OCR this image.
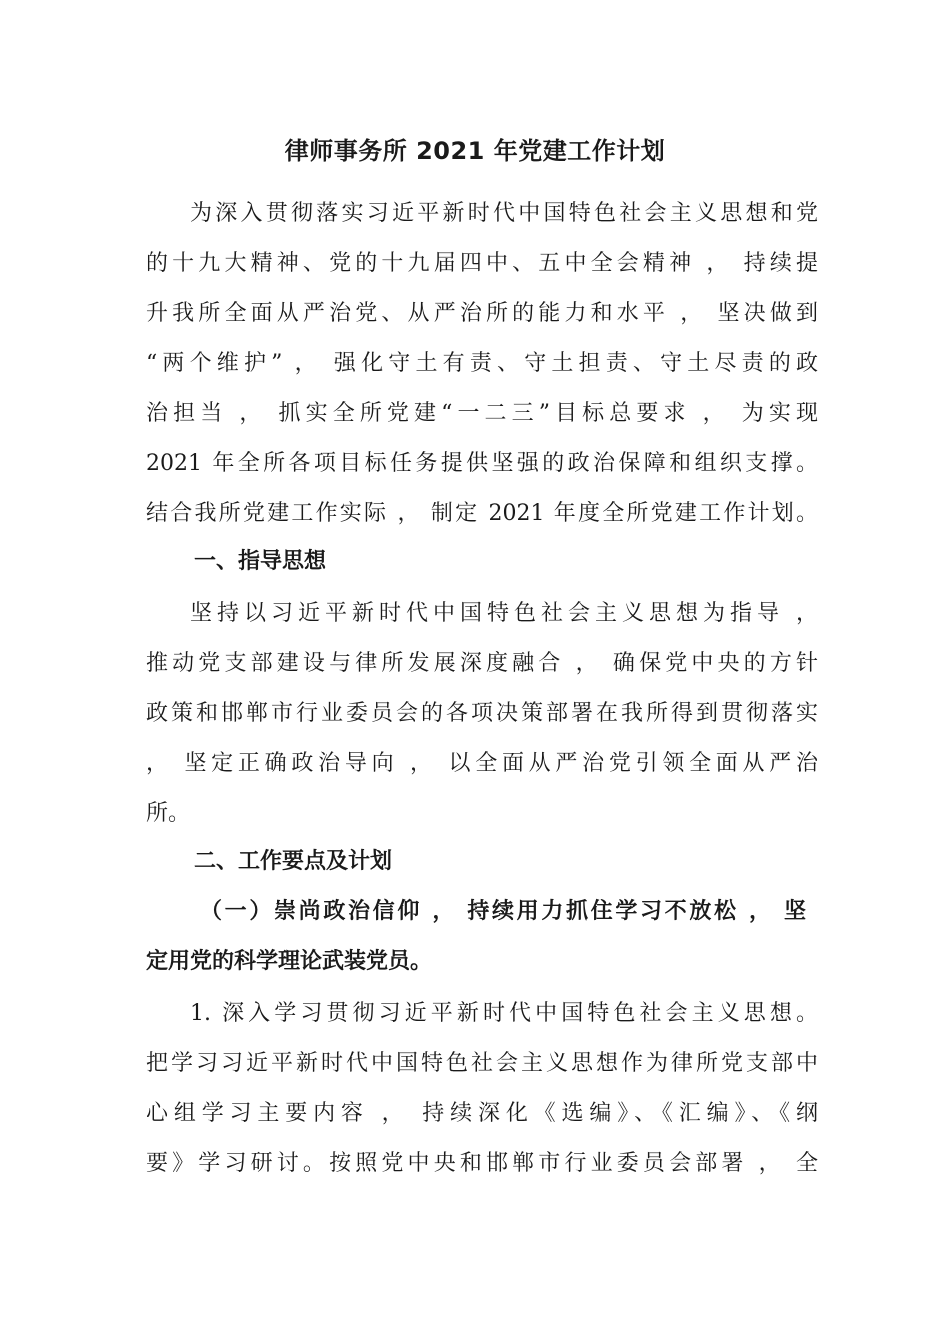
律师事务所 2021 年党建工作计划
为深入贯彻落实习近平新时代中国特色社会主义思想和党
的十九大精神、党的十九届四中、五中全会精神 ， 持续提
升我所全面从严治党、从严治所的能力和水平 ， 坚决做到
“两个维护” ， 强化守土有责、守土担责、守土尽责的政
治担当 ， 抓实全所党建“一二三”目标总要求 ， 为实现
2021 年全所各项目标任务提供坚强的政治保障和组织支撑。
结合我所党建工作实际 ， 制定 2021 年度全所党建工作计划。
一、指导思想
坚持以习近平新时代中国特色社会主义思想为指导 ，
推动党支部建设与律所发展深度融合 ， 确保党中央的方针
政策和邯郸市行业委员会的各项决策部署在我所得到贯彻落实
， 坚定正确政治导向 ， 以全面从严治党引领全面从严治
所。
二、工作要点及计划
（一）崇尚政治信仰 ， 持续用力抓住学习不放松 ， 坚
定用党的科学理论武装党员。
1. 深入学习贯彻习近平新时代中国特色社会主义思想。
把学习习近平新时代中国特色社会主义思想作为律所党支部中
心组学习主要内容 ， 持续深化《选编》、《汇编》、《纲
要》学习研讨。按照党中央和邯郸市行业委员会部署 ， 全
